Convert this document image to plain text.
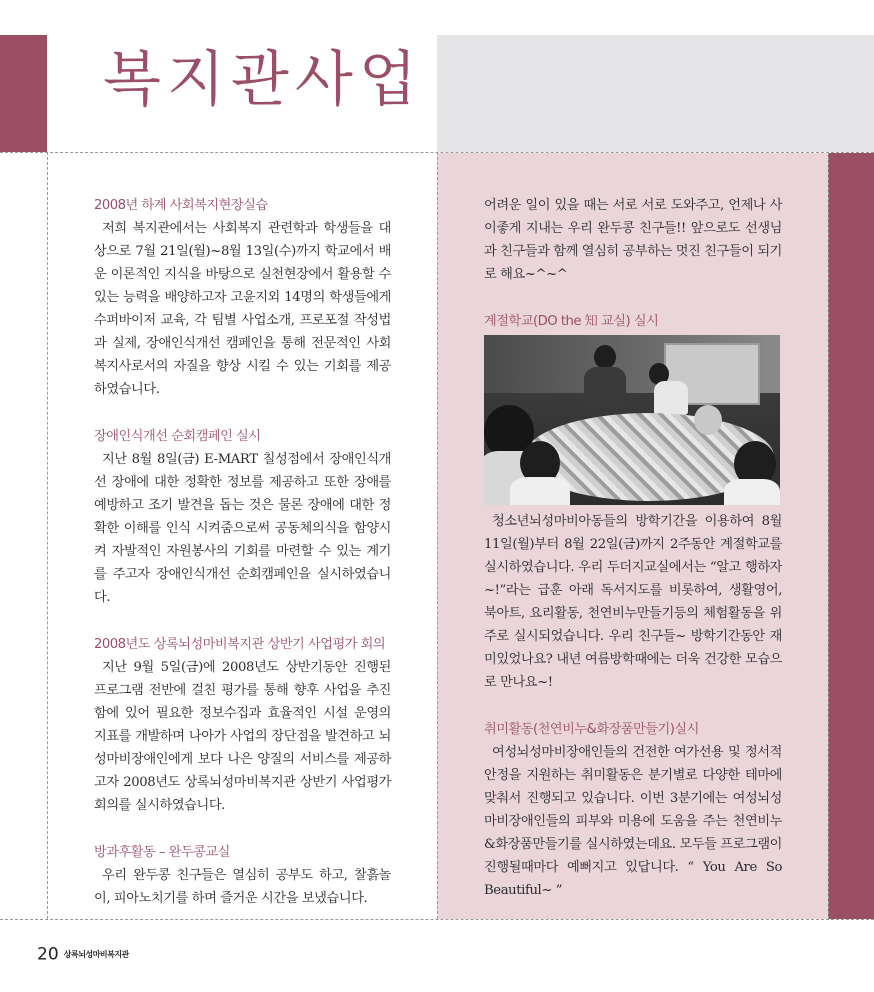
복지관사업
2008년 하계 사회복지현장실습

저희 복지관에서는 사회복지 관련학과 학생들을 대상으로 7월 21일(월)~8월 13일(수)까지 학교에서 배운 이론적인 지식을 바탕으로 실천현장에서 활용할 수 있는 능력을 배양하고자 고윤지외 14명의 학생들에게 수퍼바이저 교육, 각 팀별 사업소개, 프로포절 작성법과 실제, 장애인식개선 캠페인을 통해 전문적인 사회복지사로서의 자질을 향상 시킬 수 있는 기회를 제공하였습니다.

장애인식개선 순회캠페인 실시

지난 8월 8일(금) E-MART 칠성점에서 장애인식개선 장애에 대한 정확한 정보를 제공하고 또한 장애를 예방하고 조기 발견을 돕는 것은 물론 장애에 대한 정확한 이해를 인식 시켜줌으로써 공동체의식을 함양시켜 자발적인 자원봉사의 기회를 마련할 수 있는 계기를 주고자 장애인식개선 순회캠페인을 실시하였습니다.

2008년도 상록뇌성마비복지관 상반기 사업평가 회의

지난 9월 5일(금)에 2008년도 상반기동안 진행된 프로그램 전반에 걸친 평가를 통해 향후 사업을 추진함에 있어 필요한 정보수집과 효율적인 시설 운영의 지표를 개발하며 나아가 사업의 장단점을 발견하고 뇌성마비장애인에게 보다 나은 양질의 서비스를 제공하고자 2008년도 상록뇌성마비복지관 상반기 사업평가회의를 실시하였습니다.

방과후활동 – 완두콩교실

우리 완두콩 친구들은 열심히 공부도 하고, 찰흙놀이, 피아노치기를 하며 즐거운 시간을 보냈습니다.

어려운 일이 있을 때는 서로 서로 도와주고, 언제나 사이좋게 지내는 우리 완두콩 친구들!! 앞으로도 선생님과 친구들과 함께 열심히 공부하는 멋진 친구들이 되기로 해요~^~^

계절학교(DO the 知 교실) 실시

청소년뇌성마비아동들의 방학기간을 이용하여 8월 11일(월)부터 8월 22일(금)까지 2주동안 계절학교를 실시하였습니다. 우리 두더지교실에서는 “알고 행하자~!”라는 급훈 아래 독서지도를 비롯하여, 생활영어, 북아트, 요리활동, 천연비누만들기등의 체험활동을 위주로 실시되었습니다. 우리 친구들~ 방학기간동안 재미있었나요? 내년 여름방학때에는 더욱 건강한 모습으로 만나요~!

취미활동(천연비누&화장품만들기)실시

여성뇌성마비장애인들의 건전한 여가선용 및 정서적 안정을 지원하는 취미활동은 분기별로 다양한 테마에 맞춰서 진행되고 있습니다. 이번 3분기에는 여성뇌성마비장애인들의 피부와 미용에 도움을 주는 천연비누&화장품만들기를 실시하였는데요. 모두들 프로그램이 진행될때마다 예뻐지고 있답니다. “ You Are So Beautiful~ ”

20 상록뇌성마비복지관
